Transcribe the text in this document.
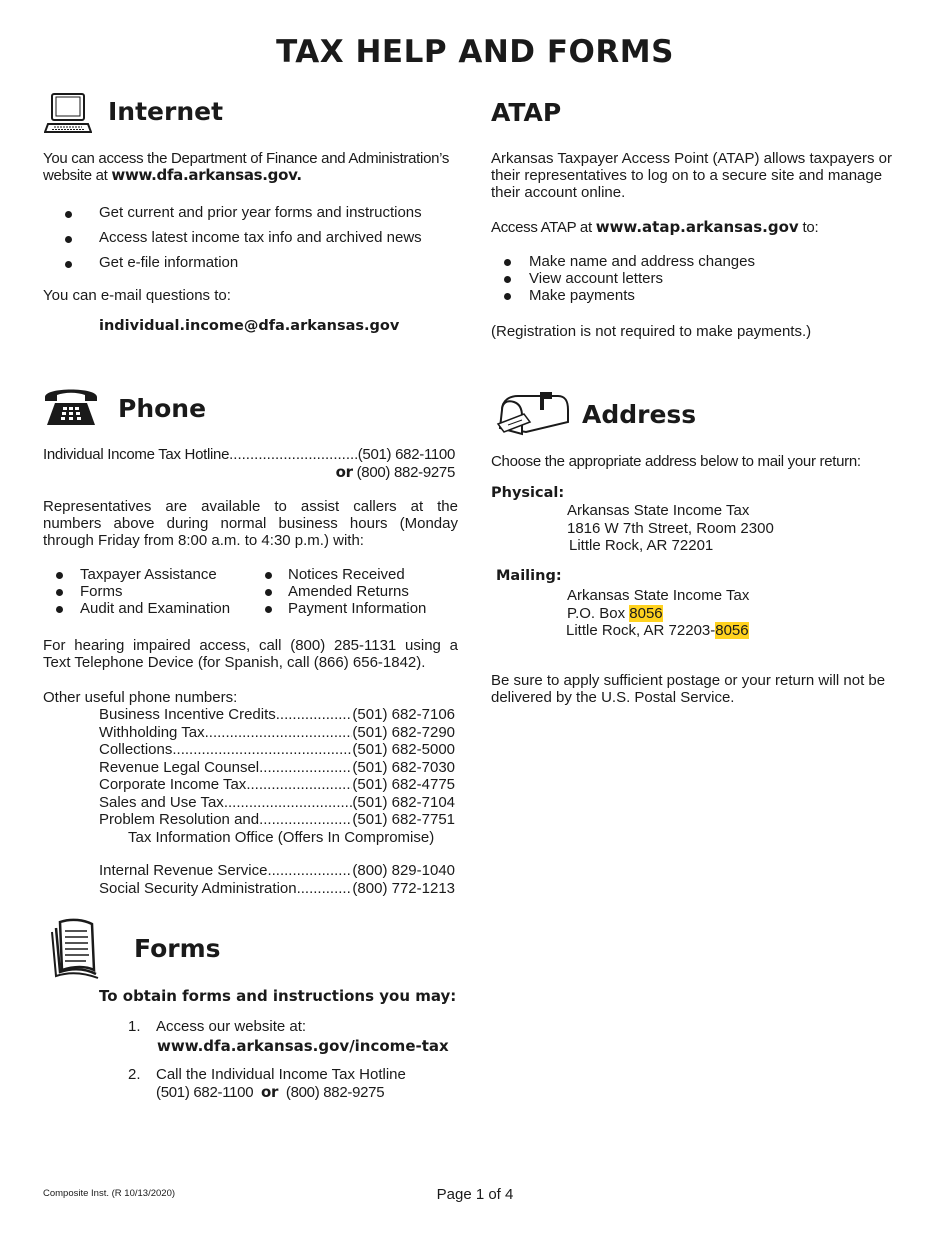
TAX HELP AND FORMS
Internet
You can access the Department of Finance and Administration’s
website at www.dfa.arkansas.gov.
Get current and prior year forms and instructions
Access latest income tax info and archived news
Get e-file information
You can e-mail questions to:
individual.income@dfa.arkansas.gov
Phone
Individual Income Tax Hotline .....	(501) 682-1100
or (800) 882-9275
Representatives are available to assist callers at the
numbers above during normal business hours (Monday
through Friday from 8:00 a.m. to 4:30 p.m.) with:
Taxpayer Assistance
Forms
Audit and Examination
Notices Received
Amended Returns
Payment Information
For hearing impaired access, call (800) 285-1131 using a
Text Telephone Device (for Spanish, call (866) 656-1842).
Other useful phone numbers:
Business Incentive Credits .....	(501) 682-7106
Withholding Tax .....	(501) 682-7290
Collections .....	(501) 682-5000
Revenue Legal Counsel .....	(501) 682-7030
Corporate Income Tax .....	(501) 682-4775
Sales and Use Tax .....	(501) 682-7104
Problem Resolution and .....	(501) 682-7751
Tax Information Office (Offers In Compromise)
Internal Revenue Service .....	(800) 829-1040
Social Security Administration .....	(800) 772-1213
Forms
To obtain forms and instructions you may:
1. Access our website at:
www.dfa.arkansas.gov/income-tax
2. Call the Individual Income Tax Hotline
(501) 682-1100 or (800) 882-9275
ATAP
Arkansas Taxpayer Access Point (ATAP) allows taxpayers or
their representatives to log on to a secure site and manage
their account online.
Access ATAP at www.atap.arkansas.gov to:
Make name and address changes
View account letters
Make payments
(Registration is not required to make payments.)
Address
Choose the appropriate address below to mail your return:
Physical:
Arkansas State Income Tax
1816 W 7th Street, Room 2300
Little Rock, AR 72201
Mailing:
Arkansas State Income Tax
P.O. Box 8056
Little Rock, AR 72203-8056
Be sure to apply sufficient postage or your return will not be
delivered by the U.S. Postal Service.
Composite Inst. (R 10/13/2020)	Page 1 of 4
